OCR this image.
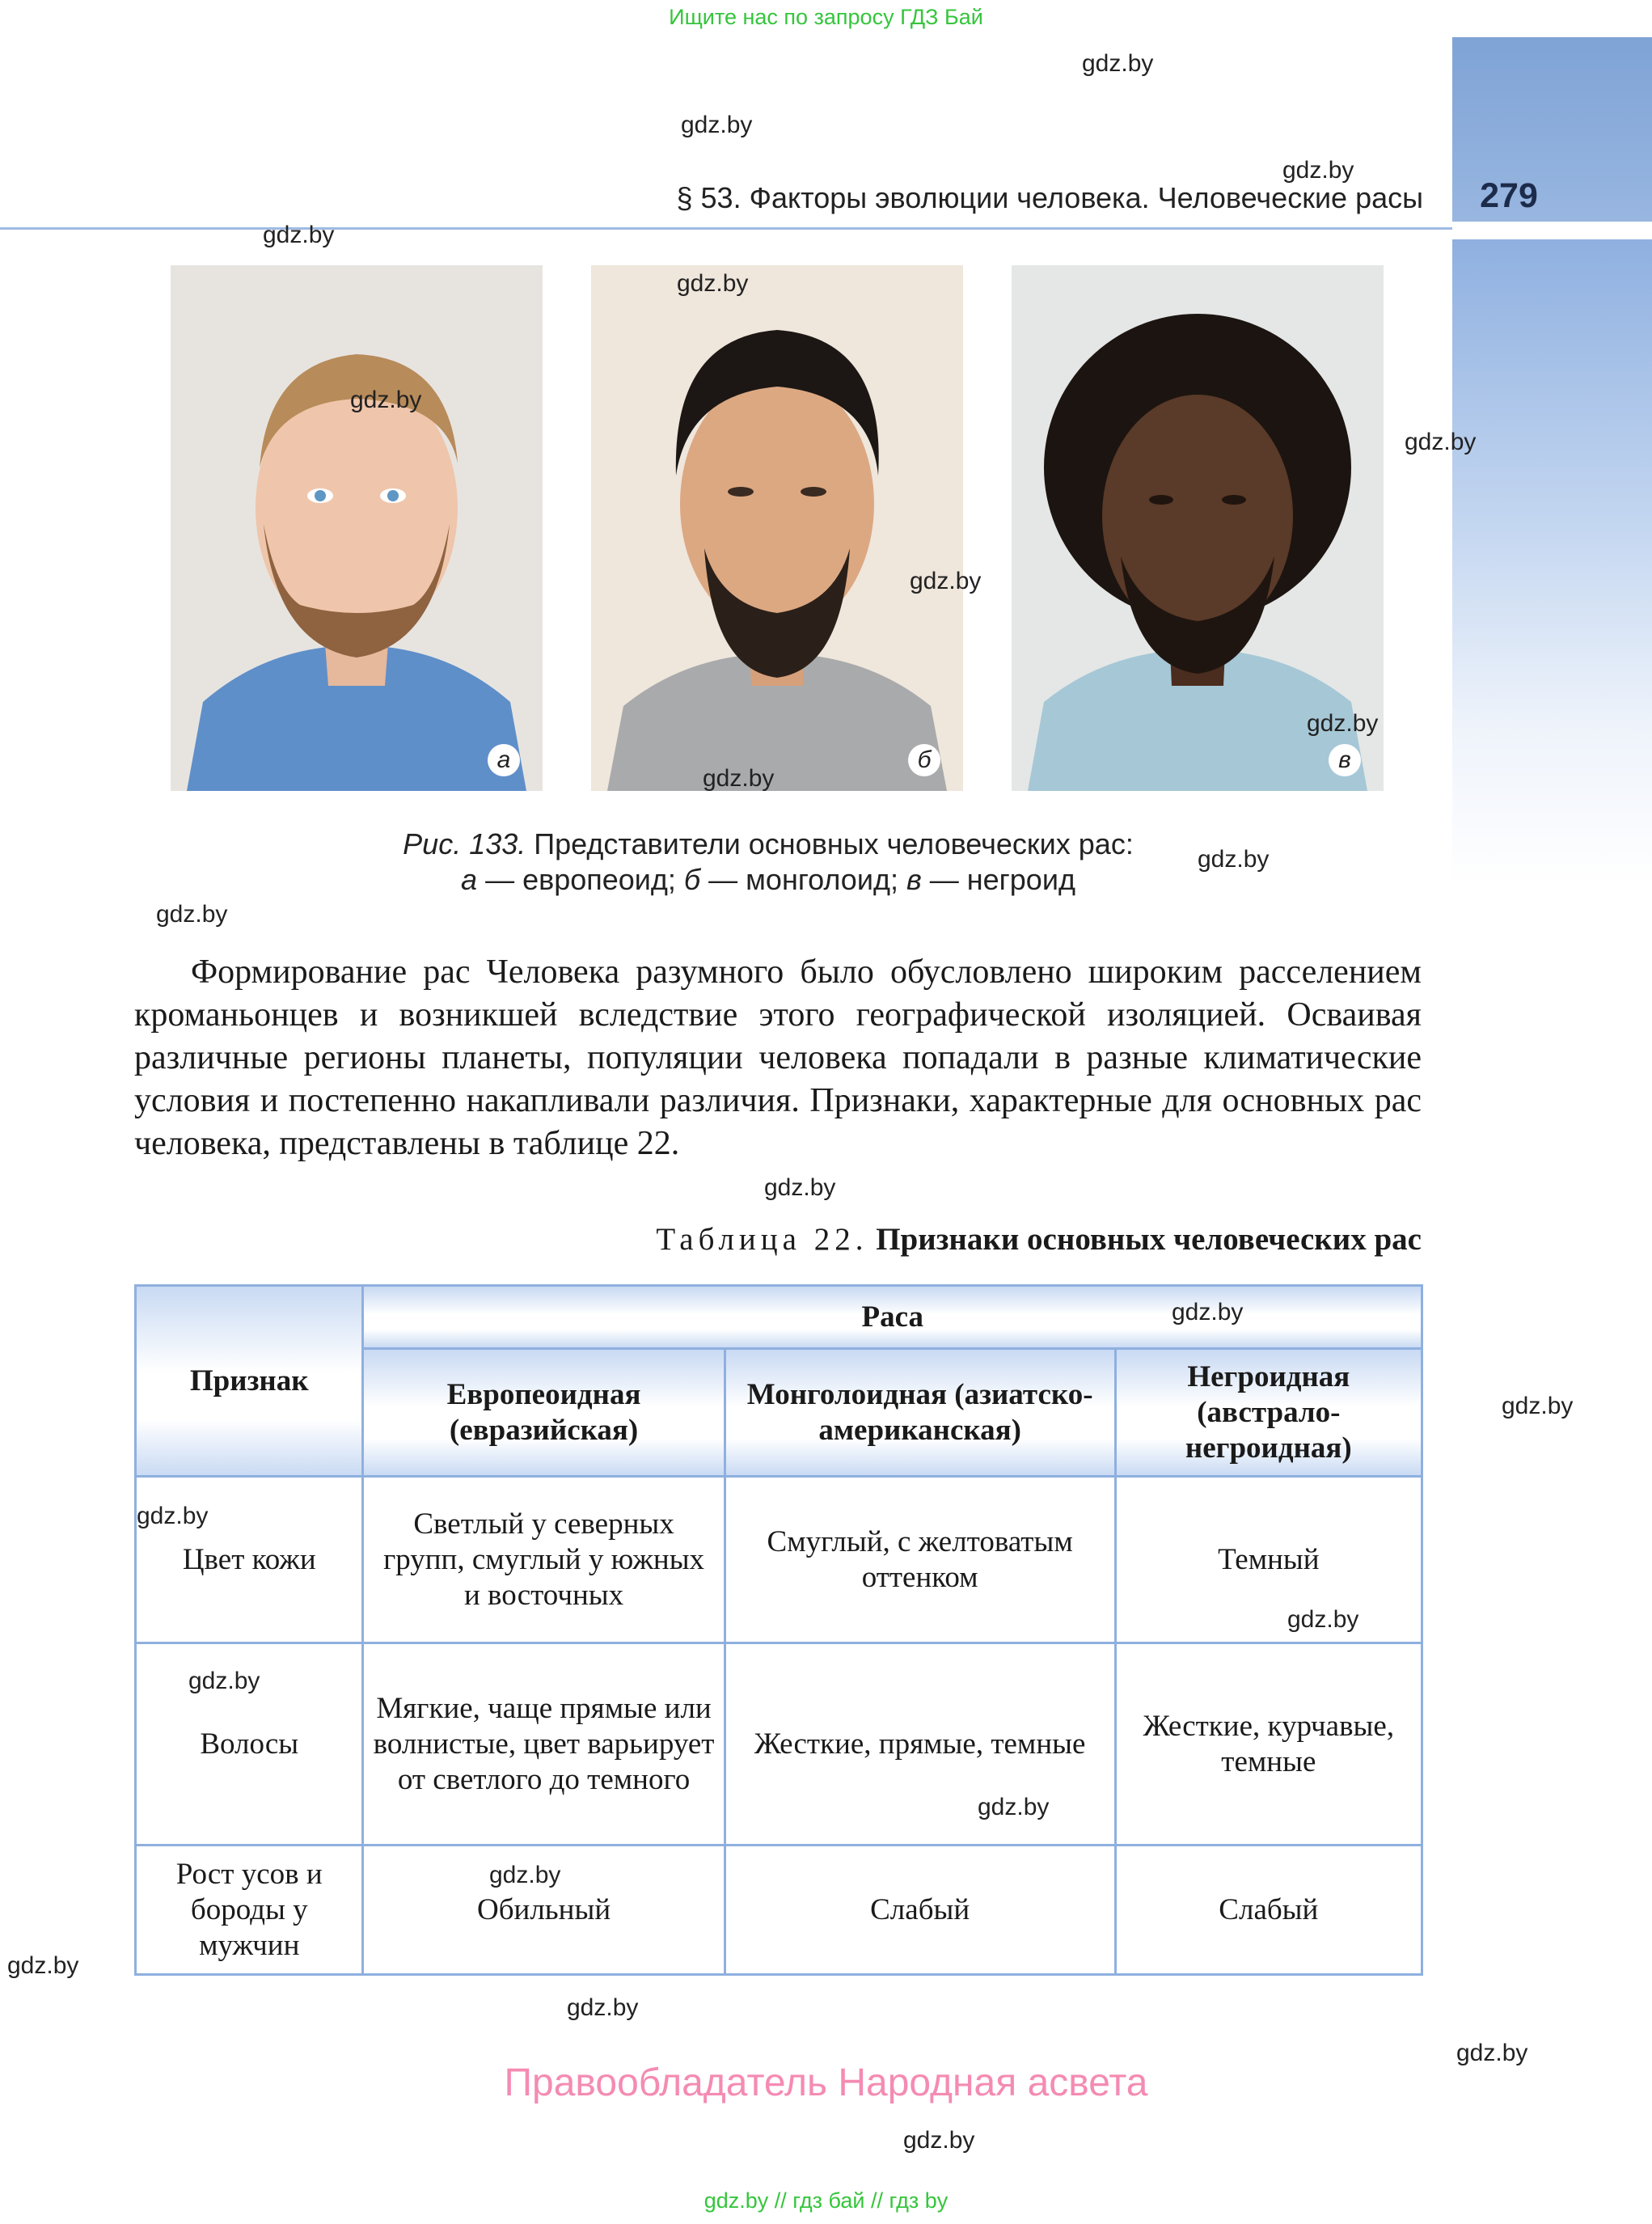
Ищите нас по запросу ГДЗ Бай
279
§ 53. Факторы эволюции человека. Человеческие расы
а	б	в
Рис. 133. Представители основных человеческих рас:
а — европеоид; б — монголоид; в — негроид

Формирование рас Человека разумного было обусловлено широким расселением кроманьонцев и возникшей вследствие этого географической изоляцией. Осваивая различные регионы планеты, популяции человека попадали в разные климатические условия и постепенно накапливали различия. Признаки, характерные для основных рас человека, представлены в таблице 22.

Таблица 22. Признаки основных человеческих рас
Признак	Раса		
	Европеоидная (евразийская)	Монголоидная (азиатско-американская)	Негроидная (австрало-негроидная)
Цвет кожи	Светлый у северных групп, смуглый у южных и восточных	Смуглый, с желтоватым оттенком	Темный
Волосы	Мягкие, чаще прямые или волнистые, цвет варьирует от светлого до темного	Жесткие, прямые, темные	Жесткие, курчавые, темные
Рост усов и бороды у мужчин	Обильный	Слабый	Слабый
Правообладатель Народная асвета
gdz.by // гдз бай // гдз by
gdz.by
gdz.by
gdz.by
gdz.by
gdz.by
gdz.by
gdz.by
gdz.by
gdz.by
gdz.by
gdz.by
gdz.by
gdz.by
gdz.by
gdz.by
gdz.by
gdz.by
gdz.by
gdz.by
gdz.by
gdz.by
gdz.by
gdz.by
gdz.by
